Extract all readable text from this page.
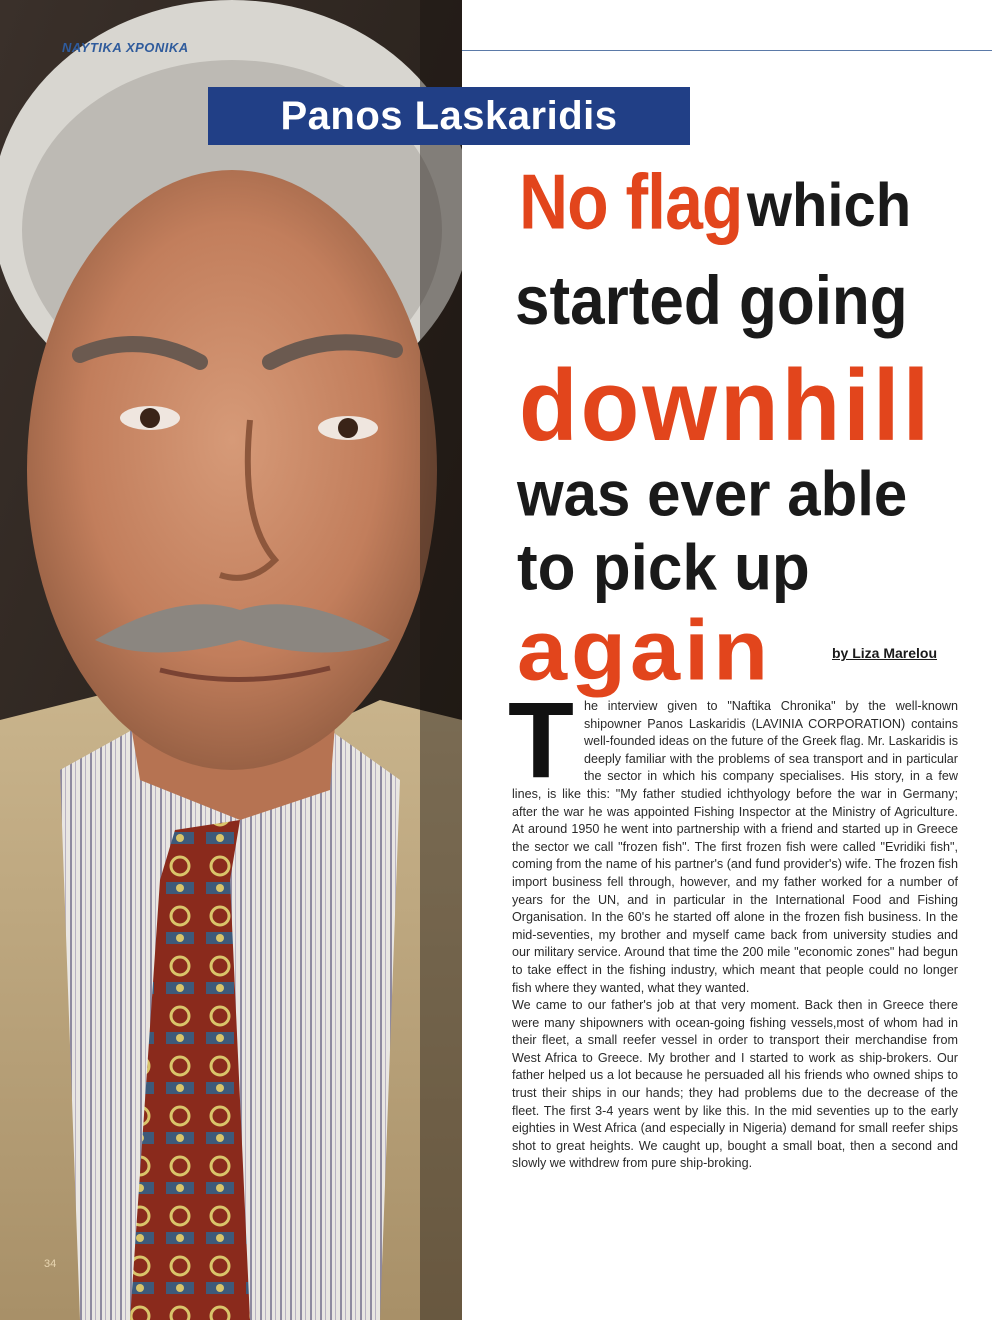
NAYTIKA XPONIKA
Panos Laskaridis
No flag which
started going
downhill
was ever able
to pick up
again	by Liza Marelou

The interview given to "Naftika Chronika" by the well-known shipowner Panos Laskaridis (LAVINIA CORPORATION) contains well-founded ideas on the future of the Greek flag. Mr. Laskaridis is deeply familiar with the problems of sea transport and in particular the sector in which his company specialises. His story, in a few lines, is like this: "My father studied ichthyology before the war in Germany; after the war he was appointed Fishing Inspector at the Ministry of Agriculture. At around 1950 he went into partnership with a friend and started up in Greece the sector we call "frozen fish". The first frozen fish were called "Evridiki fish", coming from the name of his partner's (and fund provider's) wife. The frozen fish import business fell through, however, and my father worked for a number of years for the UN, and in particular in the International Food and Fishing Organisation. In the 60's he started off alone in the frozen fish business. In the mid-seventies, my brother and myself came back from university studies and our military service. Around that time the 200 mile "economic zones" had begun to take effect in the fishing industry, which meant that people could no longer fish where they wanted, what they wanted.

We came to our father's job at that very moment. Back then in Greece there were many shipowners with ocean-going fishing vessels,most of whom had in their fleet, a small reefer vessel in order to transport their merchandise from West Africa to Greece. My brother and I started to work as ship-brokers. Our father helped us a lot because he persuaded all his friends who owned ships to trust their ships in our hands; they had problems due to the decrease of the fleet. The first 3-4 years went by like this. In the mid seventies up to the early eighties in West Africa (and especially in Nigeria) demand for small reefer ships shot to great heights. We caught up, bought a small boat, then a second and slowly we withdrew from pure ship-broking.

34
